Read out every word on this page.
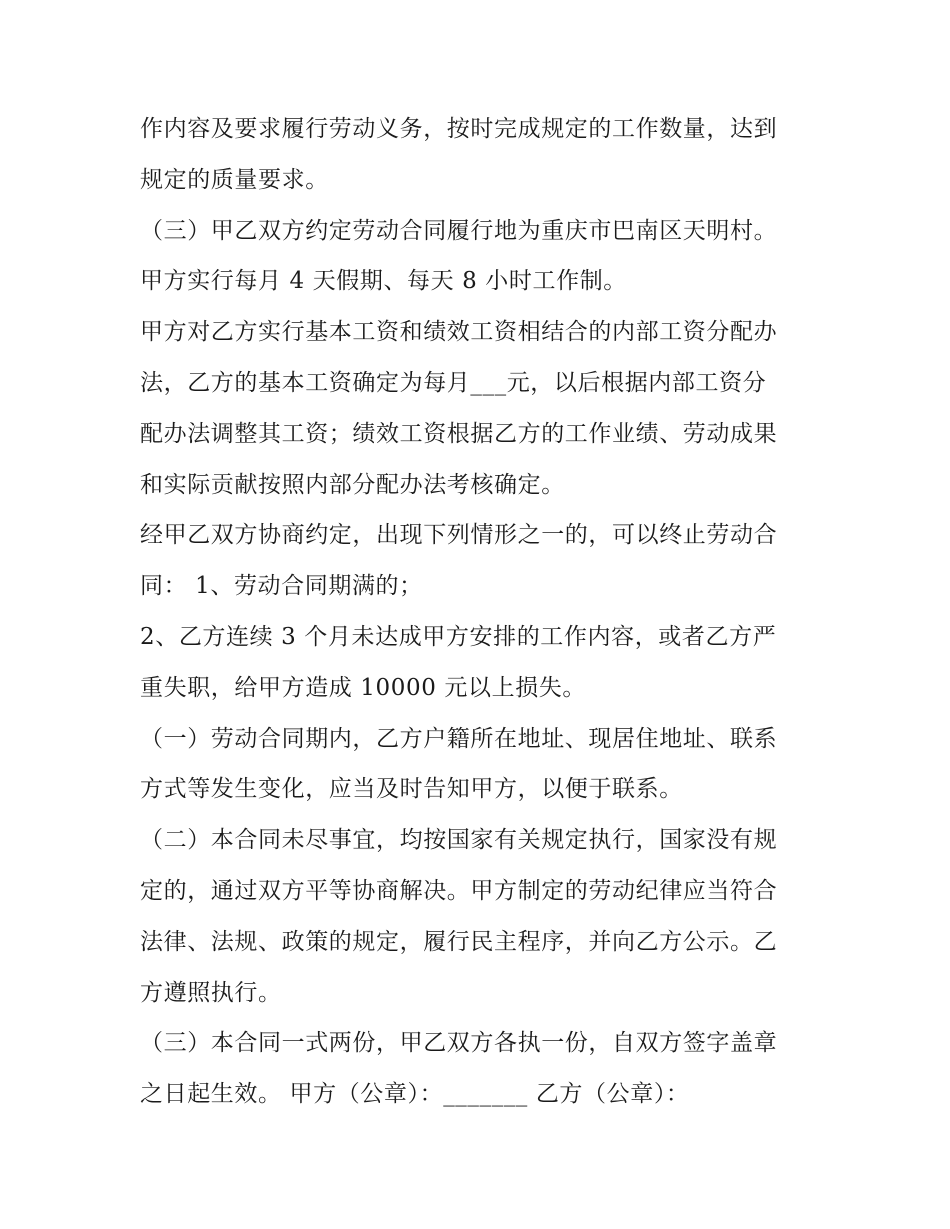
作内容及要求履行劳动义务，按时完成规定的工作数量，达到
规定的质量要求。
（三）甲乙双方约定劳动合同履行地为重庆市巴南区天明村。
甲方实行每月 4 天假期、每天 8 小时工作制。
甲方对乙方实行基本工资和绩效工资相结合的内部工资分配办
法，乙方的基本工资确定为每月___元，以后根据内部工资分
配办法调整其工资；绩效工资根据乙方的工作业绩、劳动成果
和实际贡献按照内部分配办法考核确定。
经甲乙双方协商约定，出现下列情形之一的，可以终止劳动合
同： 1、劳动合同期满的；
2、乙方连续 3 个月未达成甲方安排的工作内容，或者乙方严
重失职，给甲方造成 10000 元以上损失。
（一）劳动合同期内，乙方户籍所在地址、现居住地址、联系
方式等发生变化，应当及时告知甲方，以便于联系。
（二）本合同未尽事宜，均按国家有关规定执行，国家没有规
定的，通过双方平等协商解决。甲方制定的劳动纪律应当符合
法律、法规、政策的规定，履行民主程序，并向乙方公示。乙
方遵照执行。
（三）本合同一式两份，甲乙双方各执一份，自双方签字盖章
之日起生效。 甲方（公章）：_______ 乙方（公章）：
